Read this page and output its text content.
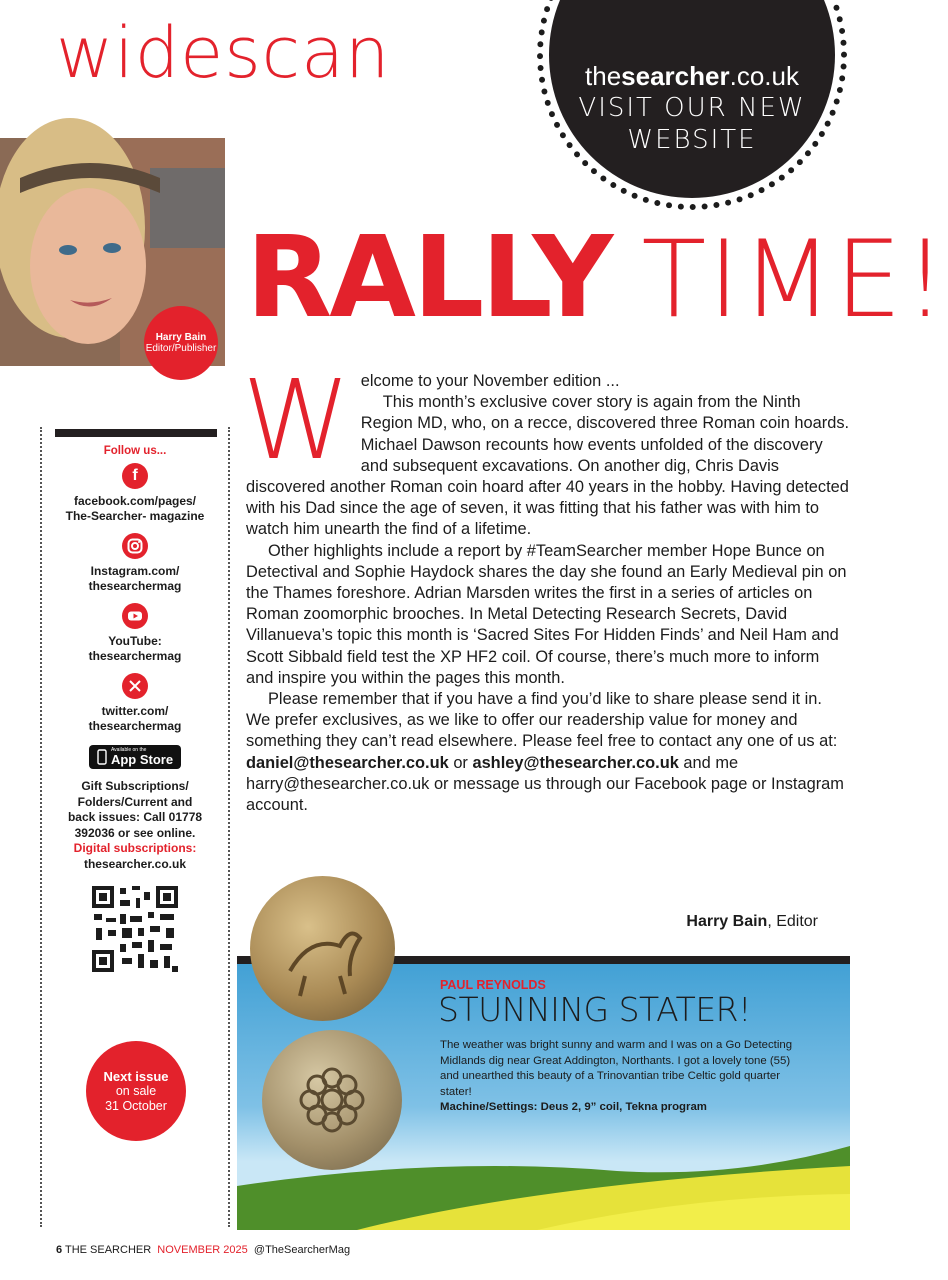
widescan	thesearcher.co.uk
VISIT OUR NEW
WEBSITE
Harry Bain
Editor/Publisher
RALLY TIME!
W elcome to your November edition ...

This month’s exclusive cover story is again from the Ninth Region MD, who, on a recce, discovered three Roman coin hoards. Michael Dawson recounts how events unfolded of the discovery and subsequent excavations. On another dig, Chris Davis discovered another Roman coin hoard after 40 years in the hobby. Having detected with his Dad since the age of seven, it was fitting that his father was with him to watch him unearth the find of a lifetime.

Other highlights include a report by #TeamSearcher member Hope Bunce on Detectival and Sophie Haydock shares the day she found an Early Medieval pin on the Thames foreshore. Adrian Marsden writes the first in a series of articles on Roman zoomorphic brooches. In Metal Detecting Research Secrets, David Villanueva’s topic this month is ‘Sacred Sites For Hidden Finds’ and Neil Ham and Scott Sibbald field test the XP HF2 coil. Of course, there’s much more to inform and inspire you within the pages this month.

Please remember that if you have a find you’d like to share please send it in. We prefer exclusives, as we like to offer our readership value for money and something they can’t read elsewhere. Please feel free to contact any one of us at: daniel@thesearcher.co.uk or ashley@thesearcher.co.uk and me harry@thesearcher.co.uk or message us through our Facebook page or Instagram account.

Harry Bain, Editor
Follow us...
f
facebook.com/pages/ The-Searcher- magazine
Instagram.com/ thesearchermag
YouTube: thesearchermag
twitter.com/ thesearchermag
Available on the
App Store
Gift Subscriptions/ Folders/Current and back issues: Call 01778 392036 or see online.
Digital subscriptions:
thesearcher.co.uk
Next issue
on sale
31 October
PAUL REYNOLDS
STUNNING STATER!
The weather was bright sunny and warm and I was on a Go Detecting Midlands dig near Great Addington, Northants. I got a lovely tone (55) and unearthed this beauty of a Trinovantian tribe Celtic gold quarter stater!
Machine/Settings: Deus 2, 9” coil, Tekna program
6 THE SEARCHER NOVEMBER 2025 @TheSearcherMag
